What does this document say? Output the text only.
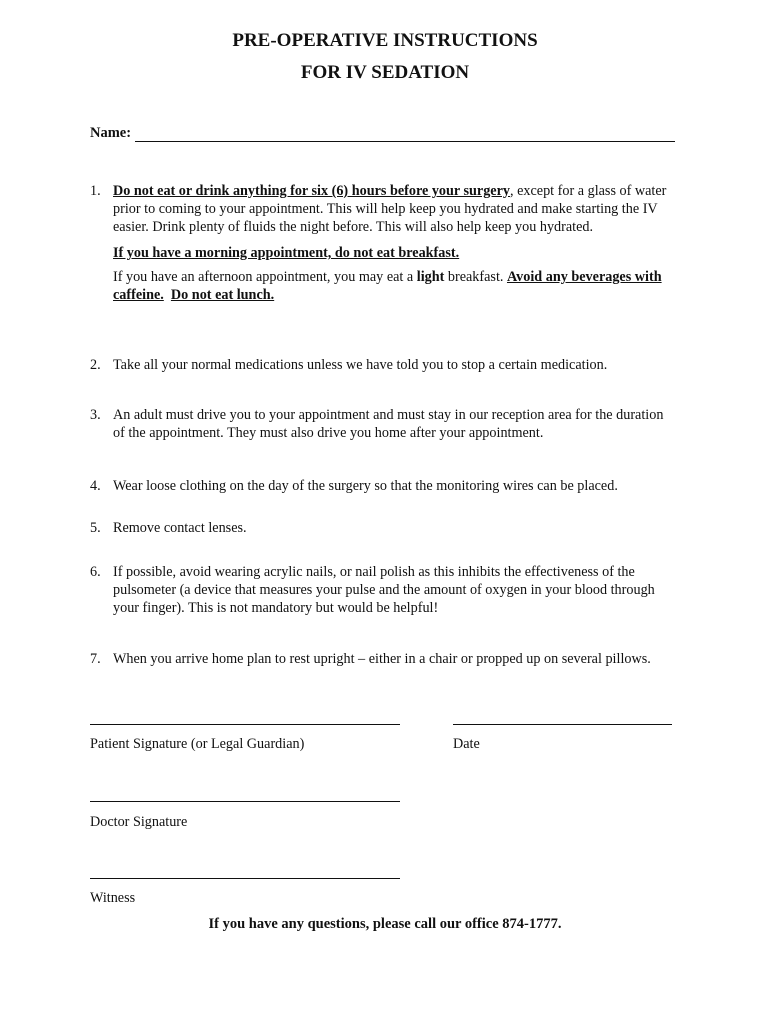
PRE-OPERATIVE INSTRUCTIONS
FOR IV SEDATION
Name:
1. Do not eat or drink anything for six (6) hours before your surgery, except for a glass of water prior to coming to your appointment. This will help keep you hydrated and make starting the IV easier. Drink plenty of fluids the night before. This will also help keep you hydrated.
If you have a morning appointment, do not eat breakfast.
If you have an afternoon appointment, you may eat a light breakfast. Avoid any beverages with caffeine. Do not eat lunch.
2. Take all your normal medications unless we have told you to stop a certain medication.
3. An adult must drive you to your appointment and must stay in our reception area for the duration of the appointment. They must also drive you home after your appointment.
4. Wear loose clothing on the day of the surgery so that the monitoring wires can be placed.
5. Remove contact lenses.
6. If possible, avoid wearing acrylic nails, or nail polish as this inhibits the effectiveness of the pulsometer (a device that measures your pulse and the amount of oxygen in your blood through your finger). This is not mandatory but would be helpful!
7. When you arrive home plan to rest upright – either in a chair or propped up on several pillows.
Patient Signature (or Legal Guardian)	Date
Doctor Signature
Witness
If you have any questions, please call our office 874-1777.
